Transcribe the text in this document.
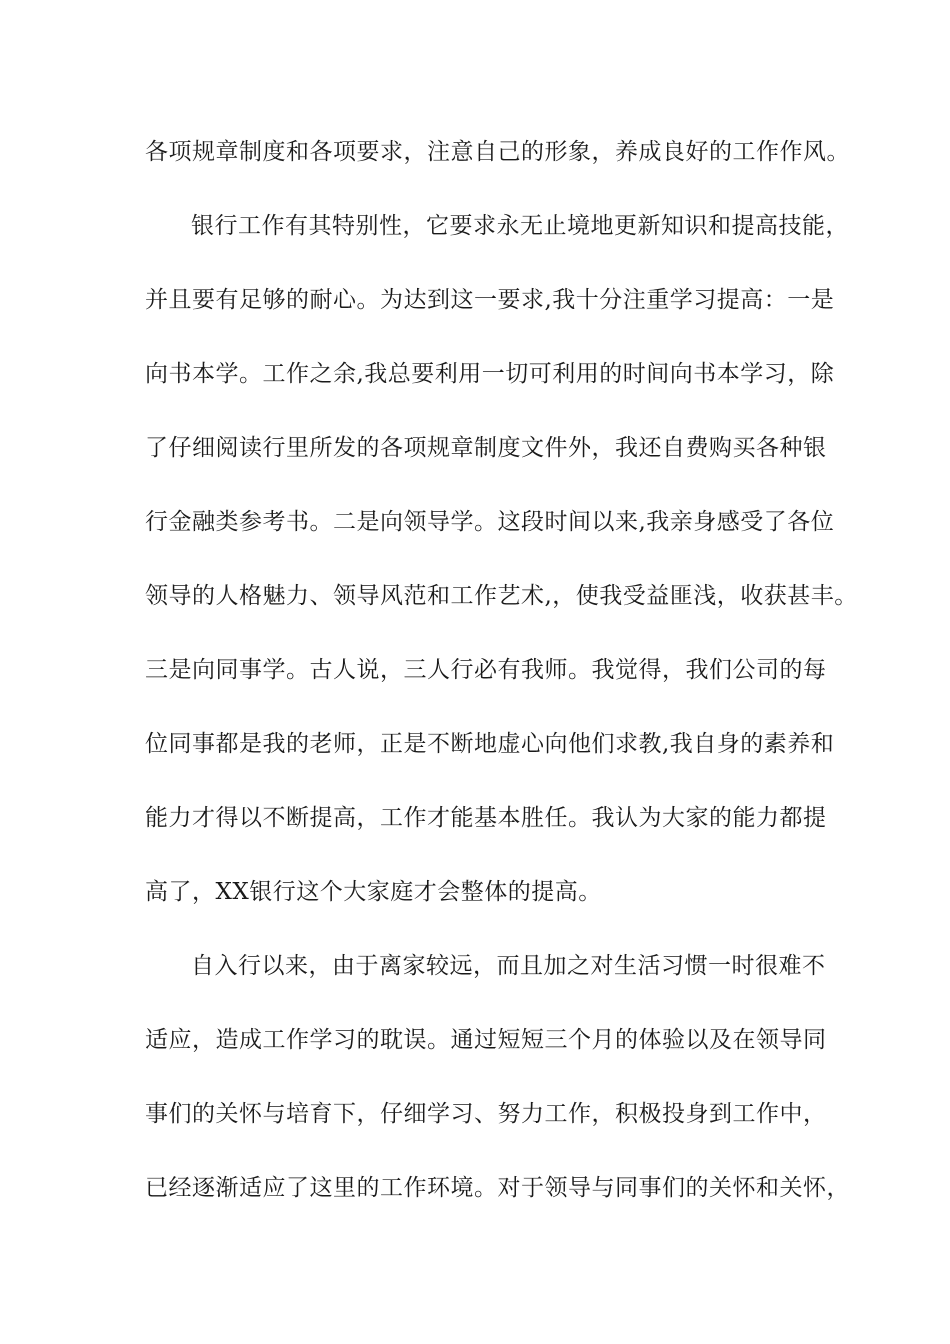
各项规章制度和各项要求，注意自己的形象，养成良好的工作作风。
银行工作有其特别性，它要求永无止境地更新知识和提高技能，
并且要有足够的耐心。为达到这一要求,我十分注重学习提高：一是
向书本学。工作之余,我总要利用一切可利用的时间向书本学习，除
了仔细阅读行里所发的各项规章制度文件外，我还自费购买各种银
行金融类参考书。二是向领导学。这段时间以来,我亲身感受了各位
领导的人格魅力、领导风范和工作艺术,，使我受益匪浅，收获甚丰。
三是向同事学。古人说，三人行必有我师。我觉得，我们公司的每
位同事都是我的老师，正是不断地虚心向他们求教,我自身的素养和
能力才得以不断提高，工作才能基本胜任。我认为大家的能力都提
高了，XX银行这个大家庭才会整体的提高。
自入行以来，由于离家较远，而且加之对生活习惯一时很难不
适应，造成工作学习的耽误。通过短短三个月的体验以及在领导同
事们的关怀与培育下，仔细学习、努力工作，积极投身到工作中，
已经逐渐适应了这里的工作环境。对于领导与同事们的关怀和关怀，
